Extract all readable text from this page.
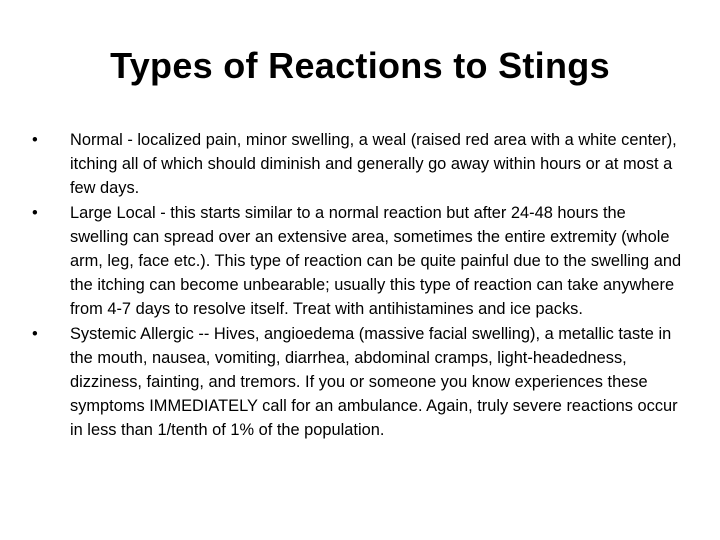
Types of Reactions to Stings
•	Normal - localized pain, minor swelling, a weal (raised red area with a white center), itching all of which should diminish and generally go away within hours or at most a few days.
•	Large Local - this starts similar to a normal reaction but after 24-48 hours the swelling can spread over an extensive area, sometimes the entire extremity (whole arm, leg, face etc.). This type of reaction can be quite painful due to the swelling and the itching can become unbearable; usually this type of reaction can take anywhere from 4-7 days to resolve itself. Treat with antihistamines and ice packs.
•	Systemic Allergic -- Hives, angioedema (massive facial swelling), a metallic taste in the mouth, nausea, vomiting, diarrhea, abdominal cramps, light-headedness, dizziness, fainting, and tremors. If you or someone you know experiences these symptoms IMMEDIATELY call for an ambulance. Again, truly severe reactions occur in less than 1/tenth of 1% of the population.
